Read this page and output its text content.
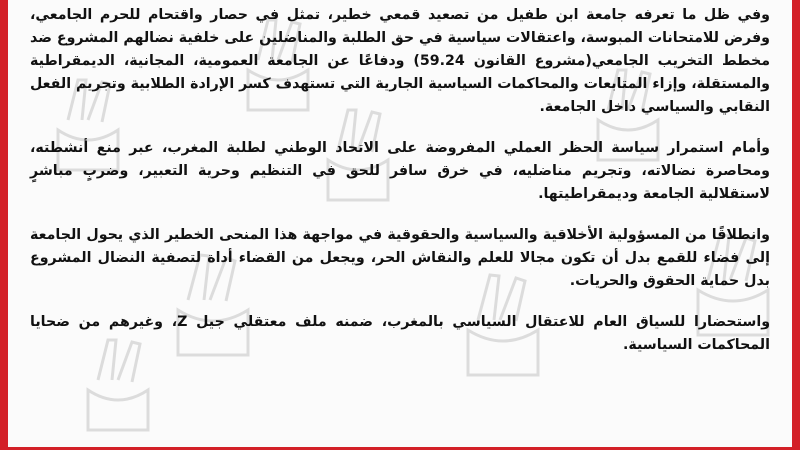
وفي ظل ما تعرفه جامعة ابن طفيل من تصعيد قمعي خطير، تمثل في حصار واقتحام للحرم الجامعي، وفرض للامتحانات المبوسة، واعتقالات سياسية في حق الطلبة والمناضلين على خلفية نضالهم المشروع ضد مخطط التخريب الجامعي(مشروع القانون 59.24) ودفاعًا عن الجامعة العمومية، المجانية، الديمقراطية والمستقلة، وإزاء المتابعات والمحاكمات السياسية الجارية التي تستهدف كسر الإرادة الطلابية وتجريم الفعل النقابي والسياسي داخل الجامعة.

وأمام استمرار سياسة الحظر العملي المفروضة على الاتحاد الوطني لطلبة المغرب، عبر منع أنشطته، ومحاصرة نضالاته، وتجريم مناضليه، في خرق سافر للحق في التنظيم وحرية التعبير، وضربٍ مباشرٍ لاستقلالية الجامعة وديمقراطيتها.

وانطلاقًا من المسؤولية الأخلاقية والسياسية والحقوقية في مواجهة هذا المنحى الخطير الذي يحول الجامعة إلى فضاء للقمع بدل أن تكون مجالا للعلم والنقاش الحر، ويجعل من القضاء أداة لتصفية النضال المشروع بدل حماية الحقوق والحريات.

واستحضارا للسياق العام للاعتقال السياسي بالمغرب، ضمنه ملف معتقلي جيل Z، وغيرهم من ضحايا المحاكمات السياسية.
